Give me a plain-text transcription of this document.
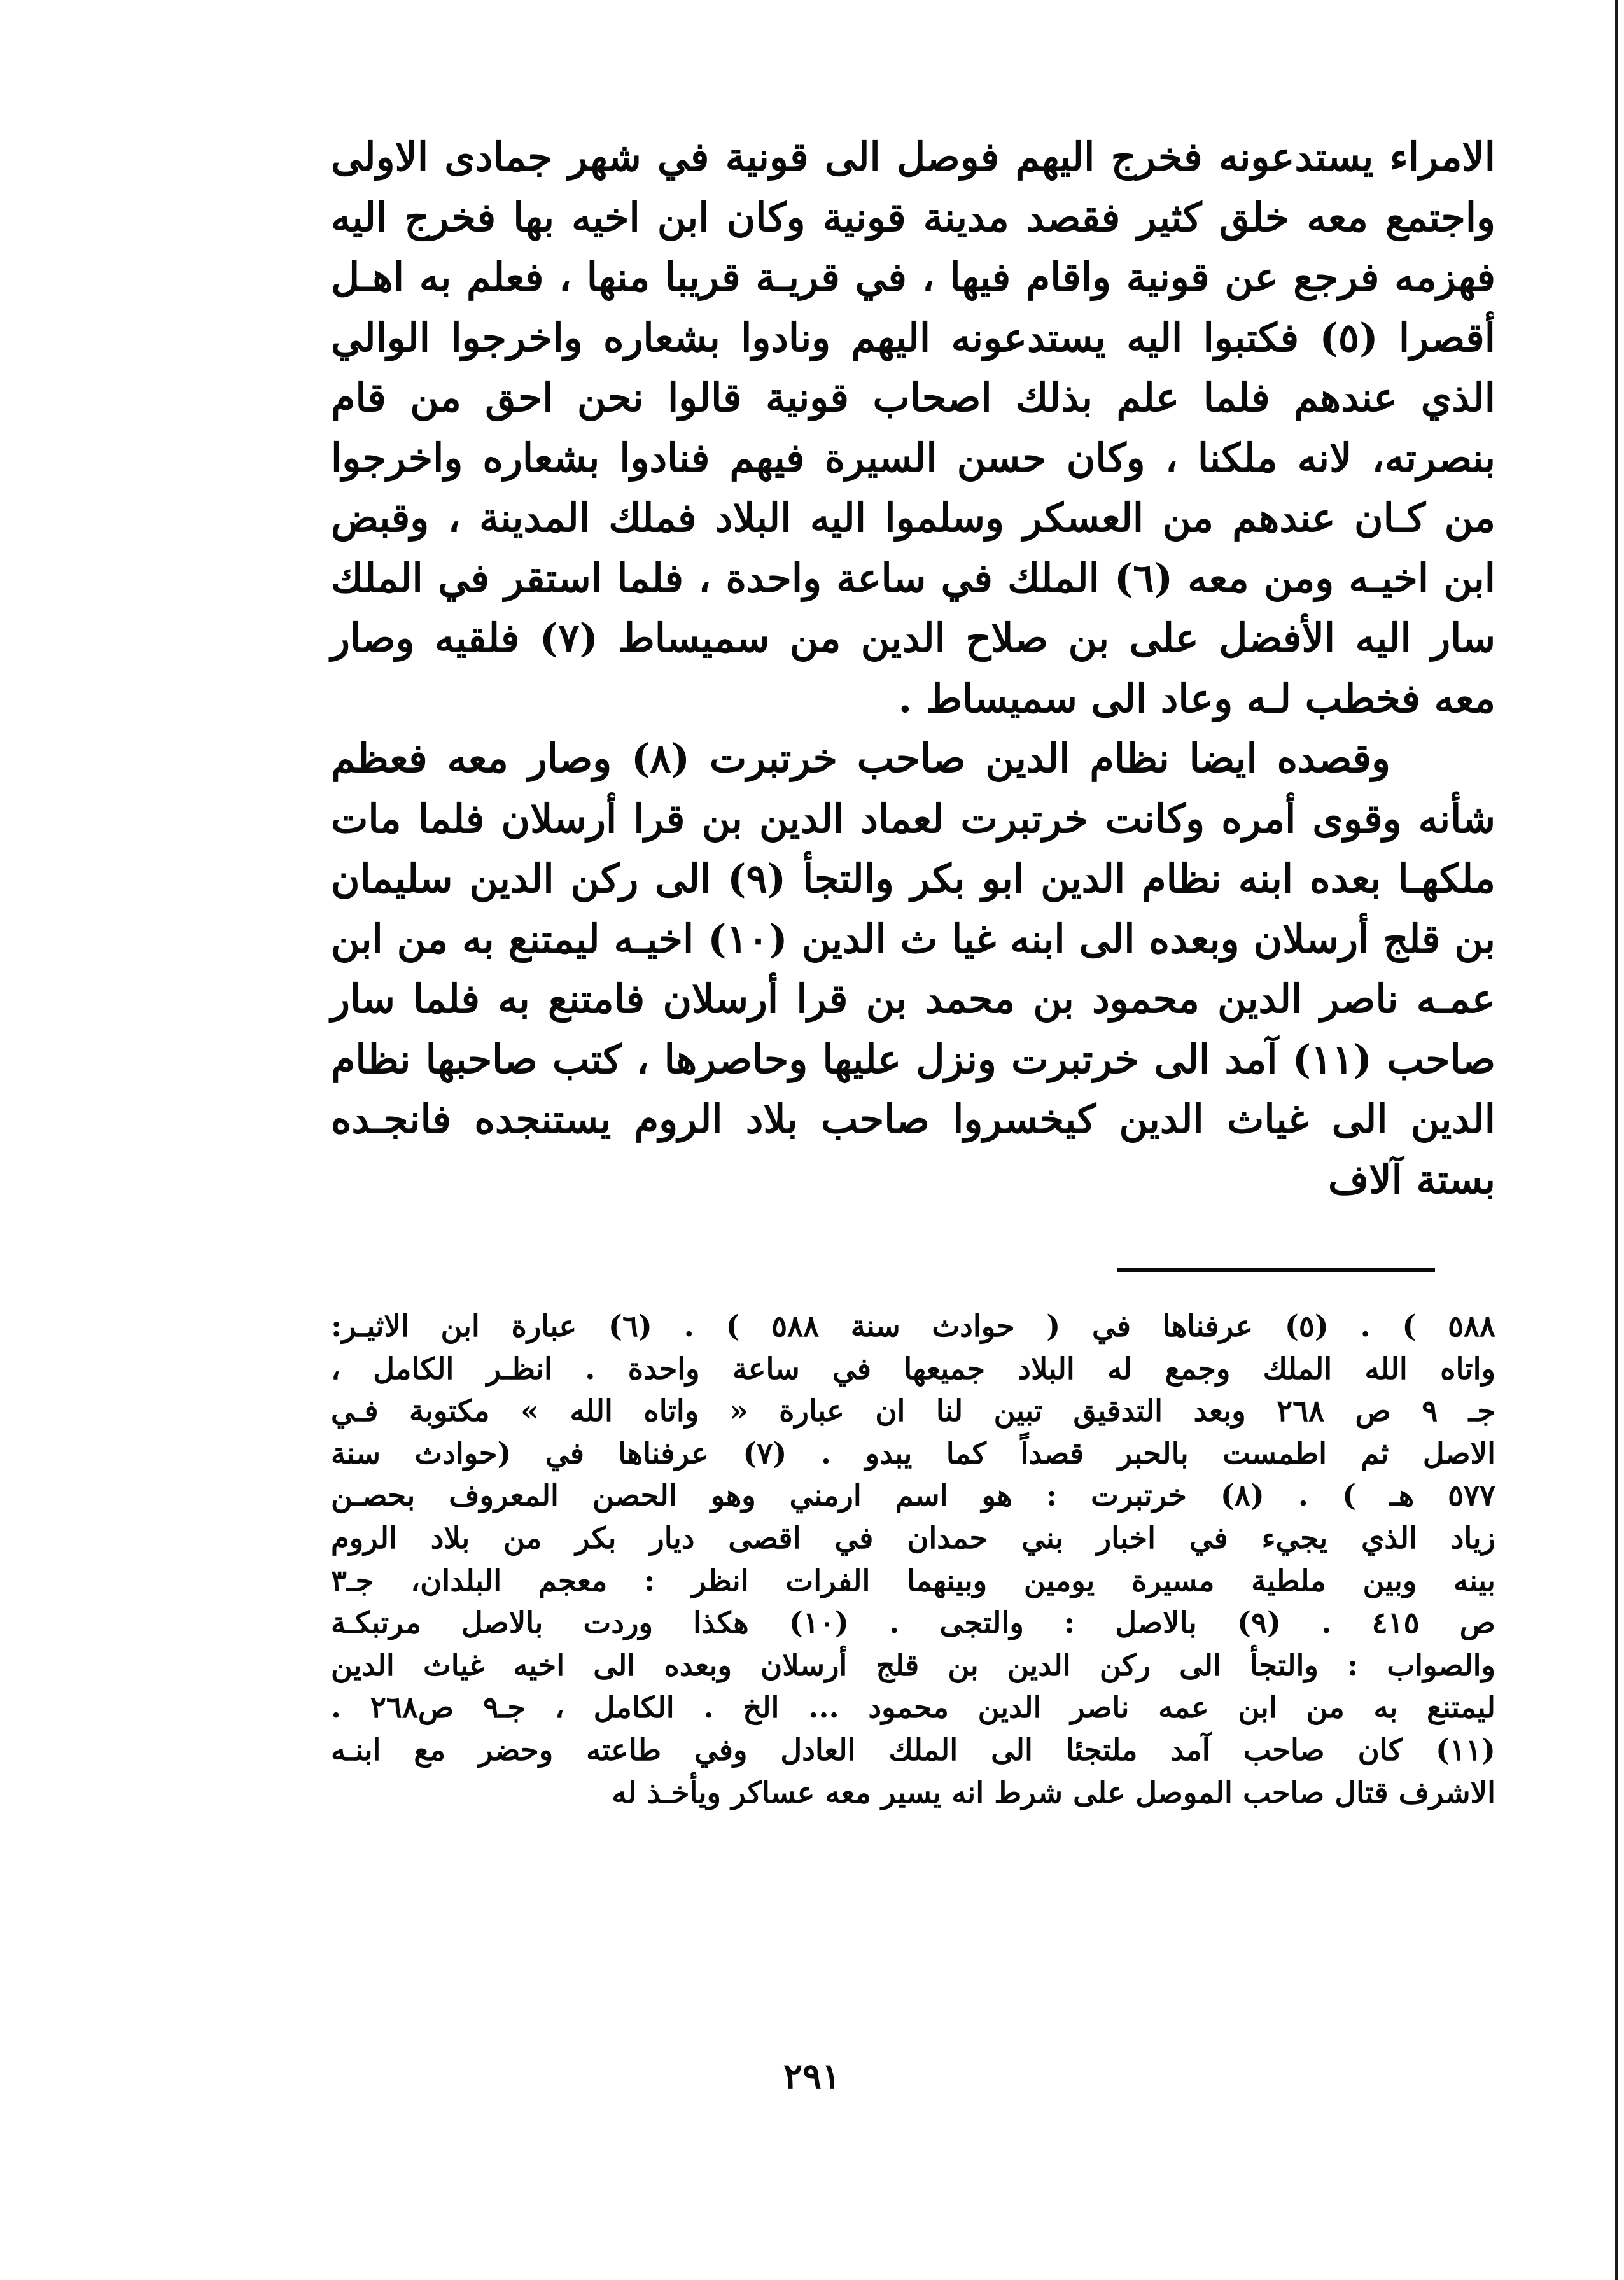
الامراء يستدعونه فخرج اليهم فوصل الى قونية في شهر جمادى الاولى واجتمع معه خلق كثير فقصد مدينة قونية وكان ابن اخيه بها فخرج اليه فهزمه فرجع عن قونية واقام فيها ، في قريـة قريبا منها ، فعلم به اهـل أقصرا (٥) فكتبوا اليه يستدعونه اليهم ونادوا بشعاره واخرجوا الوالي الذي عندهم فلما علم بذلك اصحاب قونية قالوا نحن احق من قام بنصرته، لانه ملكنا ، وكان حسن السيرة فيهم فنادوا بشعاره واخرجوا من كـان عندهم من العسكر وسلموا اليه البلاد فملك المدينة ، وقبض ابن اخيـه ومن معه (٦) الملك في ساعة واحدة ، فلما استقر في الملك سار اليه الأفضل على بن صلاح الدين من سميساط (٧) فلقيه وصار معه فخطب لـه وعاد الى سميساط .

وقصده ايضا نظام الدين صاحب خرتبرت (٨) وصار معه فعظم شأنه وقوى أمره وكانت خرتبرت لعماد الدين بن قرا أرسلان فلما مات ملكهـا بعده ابنه نظام الدين ابو بكر والتجأ (٩) الى ركن الدين سليمان بن قلج أرسلان وبعده الى ابنه غيا ث الدين (١٠) اخيـه ليمتنع به من ابن عمـه ناصر الدين محمود بن محمد بن قرا أرسلان فامتنع به فلما سار صاحب (١١) آمد الى خرتبرت ونزل عليها وحاصرها ، كتب صاحبها نظام الدين الى غياث الدين كيخسروا صاحب بلاد الروم يستنجده فانجـده بستة آلاف

٥٨٨ ) . (٥) عرفناها في ( حوادث سنة ٥٨٨ ) . (٦) عبارة ابن الاثيـر:

واتاه الله الملك وجمع له البلاد جميعها في ساعة واحدة . انظـر الكامل ،

جـ ٩ ص ٢٦٨ وبعد التدقيق تبين لنا ان عبارة « واتاه الله » مكتوبة فـي

الاصل ثم اطمست بالحبر قصداً كما يبدو . (٧) عرفناها في (حوادث سنة

٥٧٧ هـ ) . (٨) خرتبرت : هو اسم ارمني وهو الحصن المعروف بحصـن

زياد الذي يجيء في اخبار بني حمدان في اقصى ديار بكر من بلاد الروم

بينه وبين ملطية مسيرة يومين وبينهما الفرات انظر : معجم البلدان، جـ٣

ص ٤١٥ . (٩) بالاصل : والتجى . (١٠) هكذا وردت بالاصل مرتبكـة

والصواب : والتجأ الى ركن الدين بن قلج أرسلان وبعده الى اخيه غياث الدين

ليمتنع به من ابن عمه ناصر الدين محمود ... الخ . الكامل ، جـ٩ ص٢٦٨ .

(١١) كان صاحب آمد ملتجئا الى الملك العادل وفي طاعته وحضر مع ابنـه

الاشرف قتال صاحب الموصل على شرط انه يسير معه عساكر ويأخـذ له

٢٩١
